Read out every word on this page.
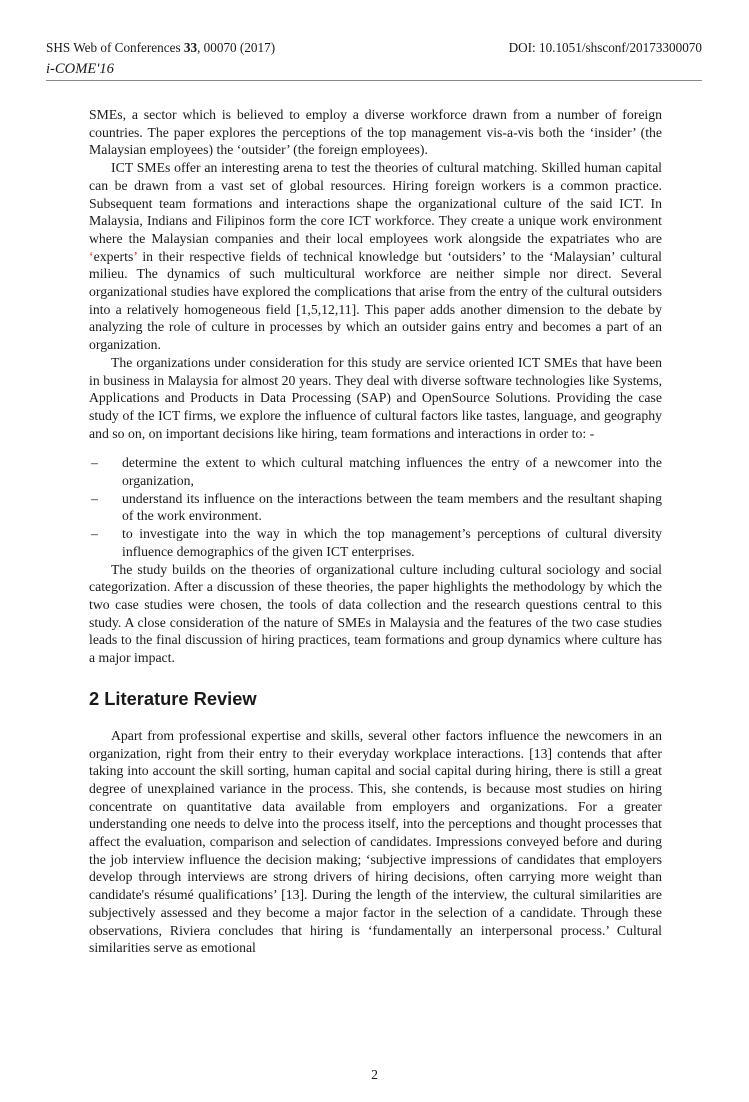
SHS Web of Conferences 33, 00070 (2017)	DOI: 10.1051/shsconf/20173300070
i-COME'16

SMEs, a sector which is believed to employ a diverse workforce drawn from a number of foreign countries. The paper explores the perceptions of the top management vis-a-vis both the ‘insider’ (the Malaysian employees) the ‘outsider’ (the foreign employees).

ICT SMEs offer an interesting arena to test the theories of cultural matching. Skilled human capital can be drawn from a vast set of global resources. Hiring foreign workers is a common practice. Subsequent team formations and interactions shape the organizational culture of the said ICT. In Malaysia, Indians and Filipinos form the core ICT workforce. They create a unique work environment where the Malaysian companies and their local employees work alongside the expatriates who are ‘experts’ in their respective fields of technical knowledge but ‘outsiders’ to the ‘Malaysian’ cultural milieu. The dynamics of such multicultural workforce are neither simple nor direct. Several organizational studies have explored the complications that arise from the entry of the cultural outsiders into a relatively homogeneous field [1,5,12,11]. This paper adds another dimension to the debate by analyzing the role of culture in processes by which an outsider gains entry and becomes a part of an organization.

The organizations under consideration for this study are service oriented ICT SMEs that have been in business in Malaysia for almost 20 years. They deal with diverse software technologies like Systems, Applications and Products in Data Processing (SAP) and OpenSource Solutions. Providing the case study of the ICT firms, we explore the influence of cultural factors like tastes, language, and geography and so on, on important decisions like hiring, team formations and interactions in order to: -

– determine the extent to which cultural matching influences the entry of a newcomer into the organization,
– understand its influence on the interactions between the team members and the resultant shaping of the work environment.
– to investigate into the way in which the top management’s perceptions of cultural diversity influence demographics of the given ICT enterprises.

The study builds on the theories of organizational culture including cultural sociology and social categorization. After a discussion of these theories, the paper highlights the methodology by which the two case studies were chosen, the tools of data collection and the research questions central to this study. A close consideration of the nature of SMEs in Malaysia and the features of the two case studies leads to the final discussion of hiring practices, team formations and group dynamics where culture has a major impact.

2 Literature Review

Apart from professional expertise and skills, several other factors influence the newcomers in an organization, right from their entry to their everyday workplace interactions. [13] contends that after taking into account the skill sorting, human capital and social capital during hiring, there is still a great degree of unexplained variance in the process. This, she contends, is because most studies on hiring concentrate on quantitative data available from employers and organizations. For a greater understanding one needs to delve into the process itself, into the perceptions and thought processes that affect the evaluation, comparison and selection of candidates. Impressions conveyed before and during the job interview influence the decision making; ‘subjective impressions of candidates that employers develop through interviews are strong drivers of hiring decisions, often carrying more weight than candidate's résumé qualifications’ [13]. During the length of the interview, the cultural similarities are subjectively assessed and they become a major factor in the selection of a candidate. Through these observations, Riviera concludes that hiring is ‘fundamentally an interpersonal process.’ Cultural similarities serve as emotional

2
